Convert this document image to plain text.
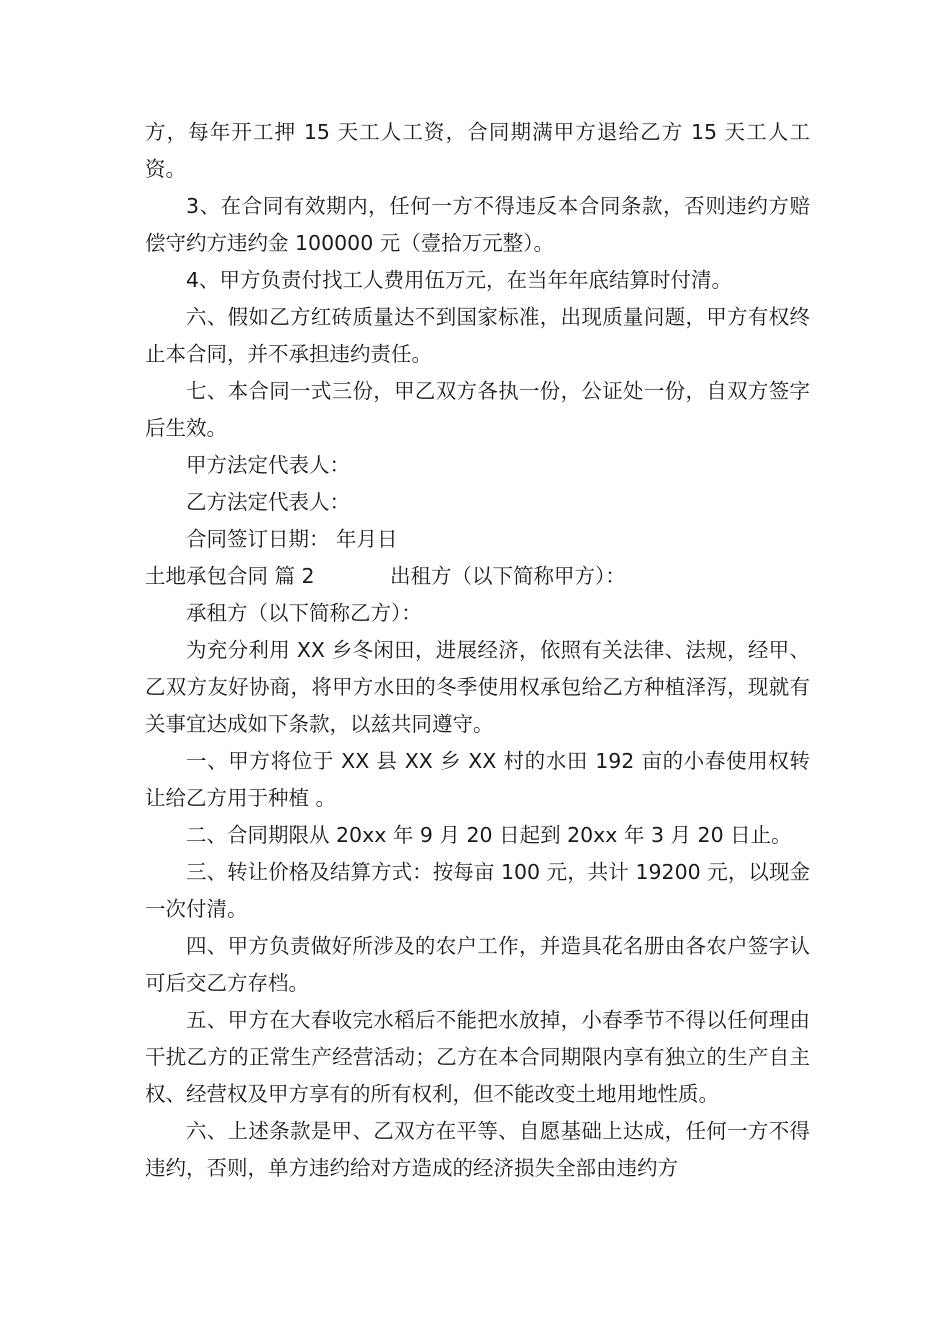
方，每年开工押 15 天工人工资，合同期满甲方退给乙方 15 天工人工资。

3、在合同有效期内，任何一方不得违反本合同条款，否则违约方赔偿守约方违约金 100000 元（壹拾万元整）。

4、甲方负责付找工人费用伍万元，在当年年底结算时付清。

六、假如乙方红砖质量达不到国家标准，出现质量问题，甲方有权终止本合同，并不承担违约责任。

七、本合同一式三份，甲乙双方各执一份，公证处一份，自双方签字后生效。

甲方法定代表人：

乙方法定代表人：

合同签订日期： 年月日

土地承包合同 篇 2	出租方（以下简称甲方）：

承租方（以下简称乙方）：

为充分利用 XX 乡冬闲田，进展经济，依照有关法律、法规，经甲、乙双方友好协商，将甲方水田的冬季使用权承包给乙方种植泽泻，现就有关事宜达成如下条款，以兹共同遵守。

一、甲方将位于 XX 县 XX 乡 XX 村的水田 192 亩的小春使用权转让给乙方用于种植 。

二、合同期限从 20xx 年 9 月 20 日起到 20xx 年 3 月 20 日止。

三、转让价格及结算方式：按每亩 100 元，共计 19200 元，以现金一次付清。

四、甲方负责做好所涉及的农户工作，并造具花名册由各农户签字认可后交乙方存档。

五、甲方在大春收完水稻后不能把水放掉，小春季节不得以任何理由干扰乙方的正常生产经营活动；乙方在本合同期限内享有独立的生产自主权、经营权及甲方享有的所有权利，但不能改变土地用地性质。

六、上述条款是甲、乙双方在平等、自愿基础上达成，任何一方不得违约，否则，单方违约给对方造成的经济损失全部由违约方
